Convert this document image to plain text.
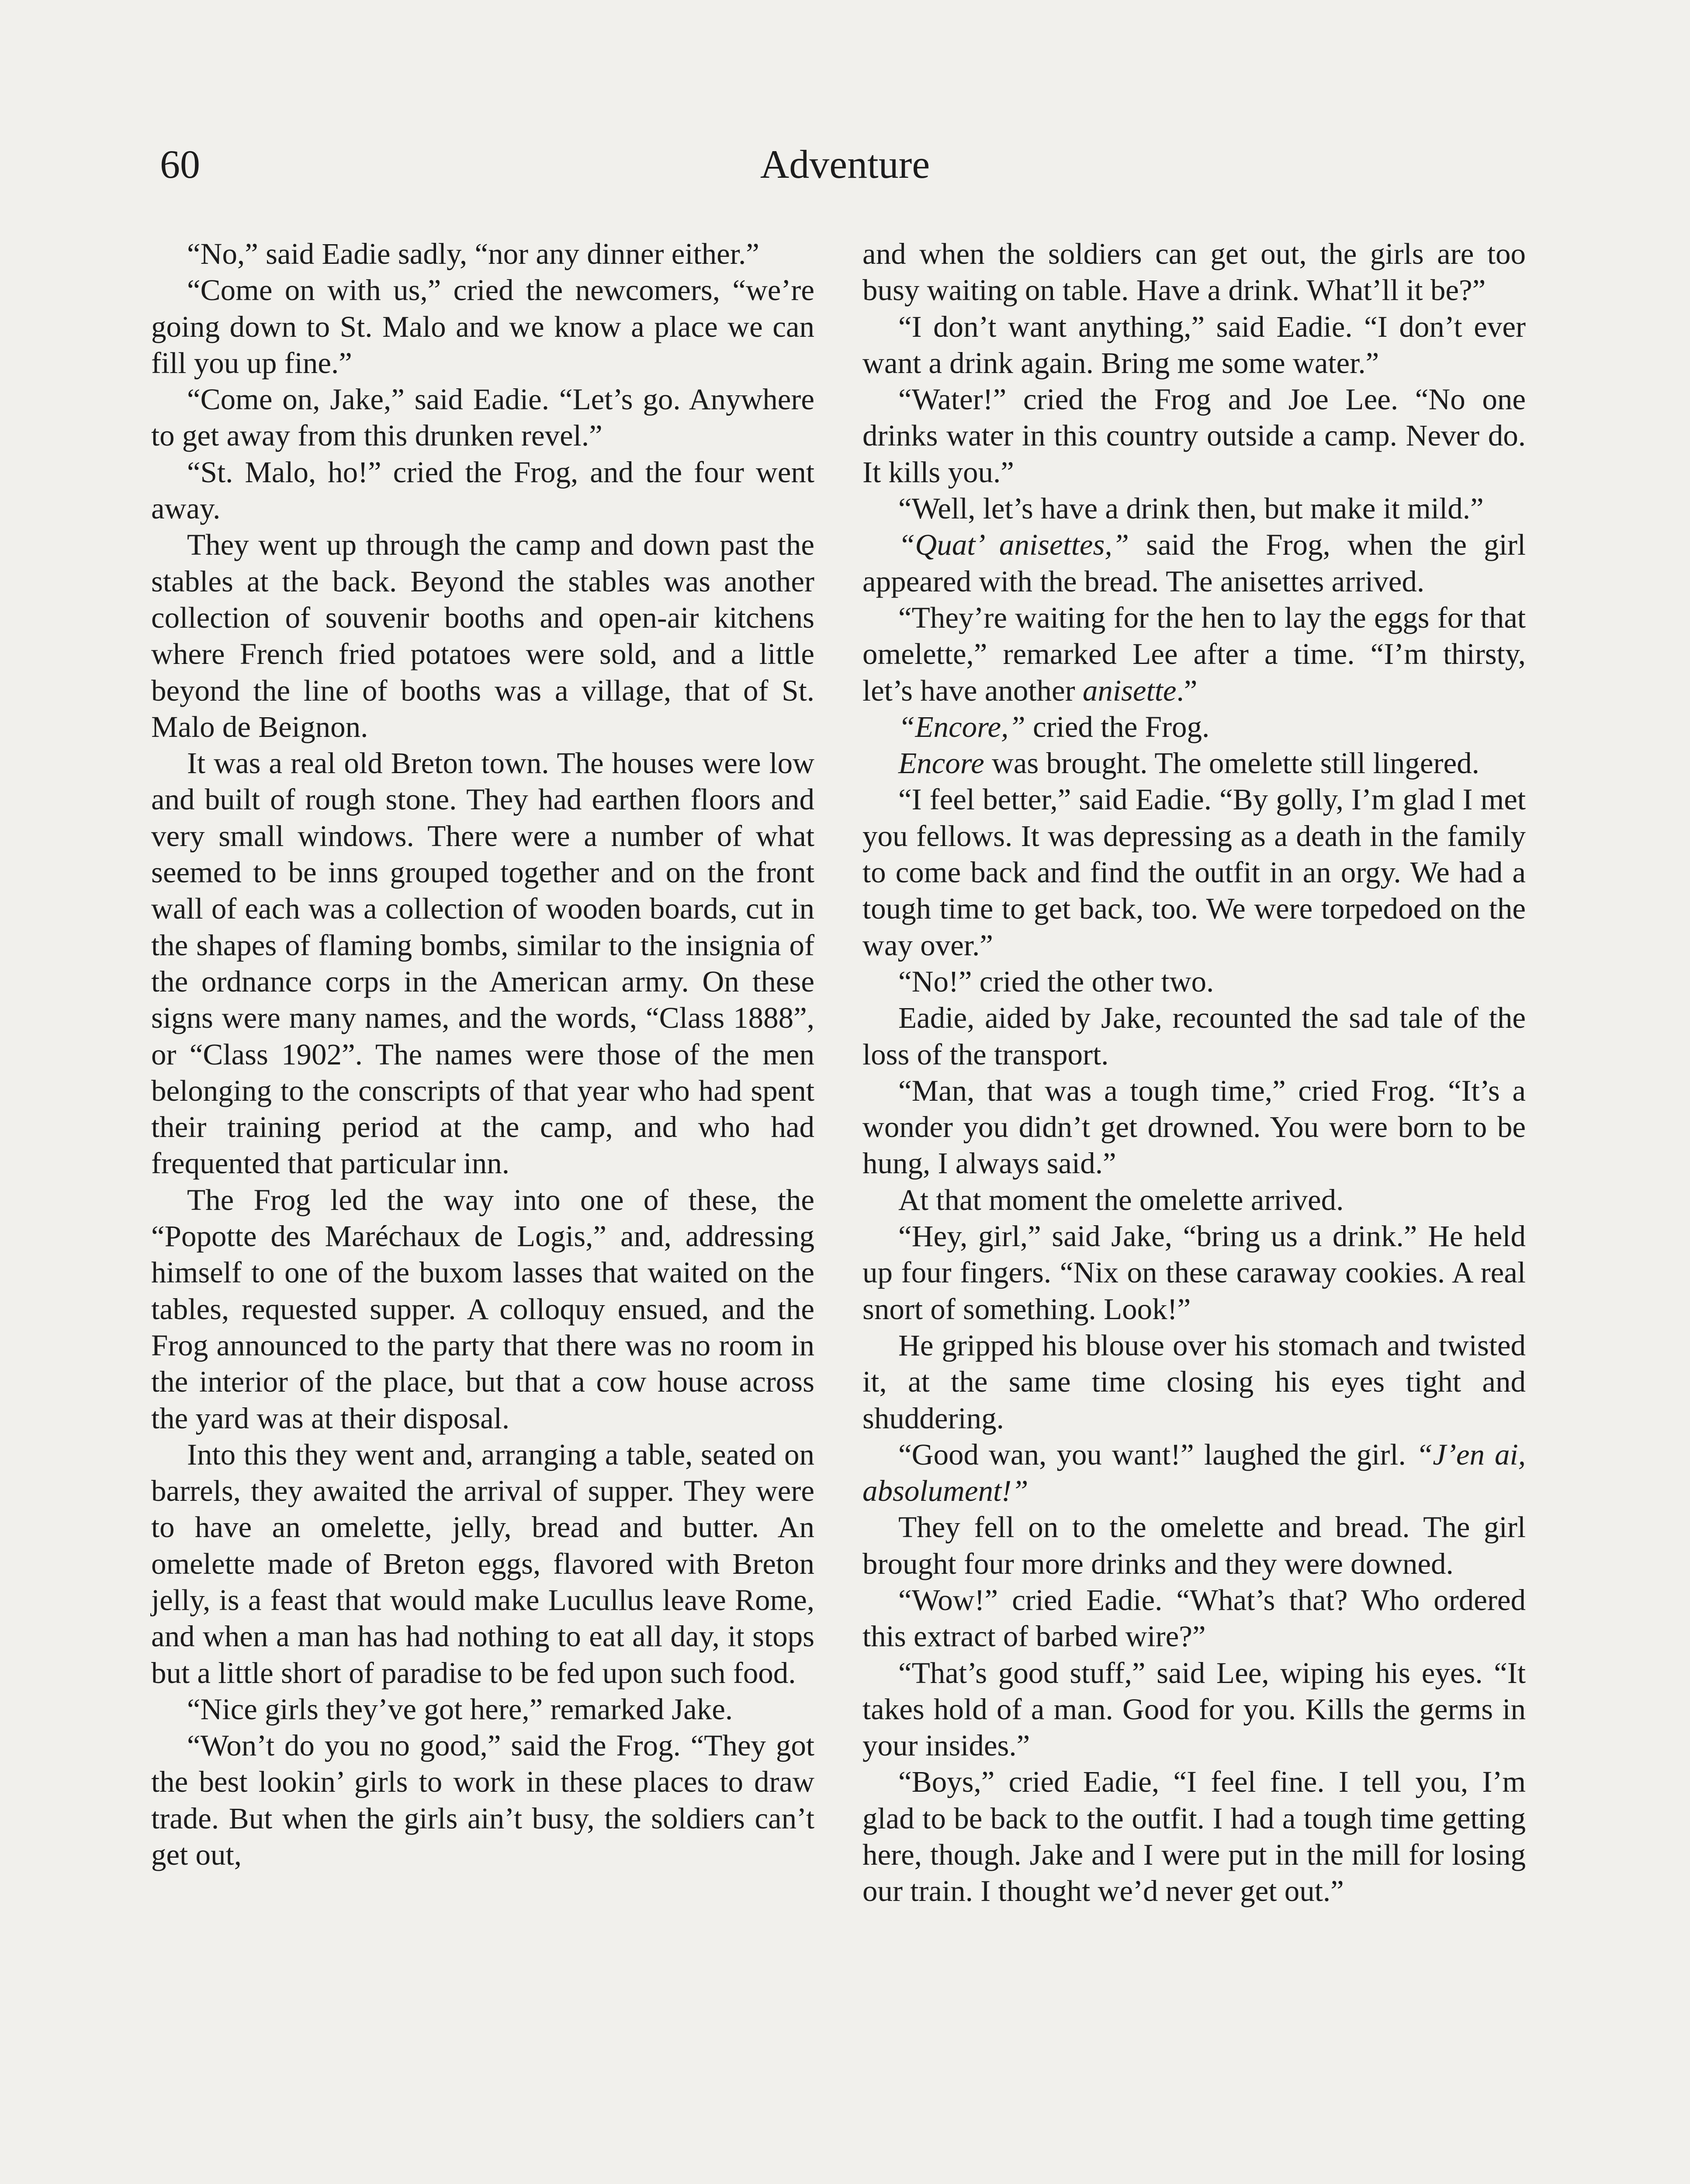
60	Adventure

“No,” said Eadie sadly, “nor any dinner either.”

“Come on with us,” cried the newcomers, “we’re going down to St. Malo and we know a place we can fill you up fine.”

“Come on, Jake,” said Eadie. “Let’s go. Anywhere to get away from this drunken revel.”

“St. Malo, ho!” cried the Frog, and the four went away.

They went up through the camp and down past the stables at the back. Beyond the stables was another collection of souvenir booths and open-air kitchens where French fried potatoes were sold, and a little beyond the line of booths was a village, that of St. Malo de Beignon.

It was a real old Breton town. The houses were low and built of rough stone. They had earthen floors and very small windows. There were a number of what seemed to be inns grouped together and on the front wall of each was a collection of wooden boards, cut in the shapes of flaming bombs, similar to the insignia of the ordnance corps in the American army. On these signs were many names, and the words, “Class 1888”, or “Class 1902”. The names were those of the men belonging to the conscripts of that year who had spent their training period at the camp, and who had frequented that particular inn.

The Frog led the way into one of these, the “Popotte des Maréchaux de Logis,” and, addressing himself to one of the buxom lasses that waited on the tables, requested supper. A colloquy ensued, and the Frog announced to the party that there was no room in the interior of the place, but that a cow house across the yard was at their disposal.

Into this they went and, arranging a table, seated on barrels, they awaited the arrival of supper. They were to have an omelette, jelly, bread and butter. An omelette made of Breton eggs, flavored with Breton jelly, is a feast that would make Lucullus leave Rome, and when a man has had nothing to eat all day, it stops but a little short of paradise to be fed upon such food.

“Nice girls they’ve got here,” remarked Jake.

“Won’t do you no good,” said the Frog. “They got the best lookin’ girls to work in these places to draw trade. But when the girls ain’t busy, the soldiers can’t get out,

and when the soldiers can get out, the girls are too busy waiting on table. Have a drink. What’ll it be?”

“I don’t want anything,” said Eadie. “I don’t ever want a drink again. Bring me some water.”

“Water!” cried the Frog and Joe Lee. “No one drinks water in this country outside a camp. Never do. It kills you.”

“Well, let’s have a drink then, but make it mild.”

“Quat’ anisettes,” said the Frog, when the girl appeared with the bread. The anisettes arrived.

“They’re waiting for the hen to lay the eggs for that omelette,” remarked Lee after a time. “I’m thirsty, let’s have another anisette.”

“Encore,” cried the Frog.

Encore was brought. The omelette still lingered.

“I feel better,” said Eadie. “By golly, I’m glad I met you fellows. It was depressing as a death in the family to come back and find the outfit in an orgy. We had a tough time to get back, too. We were torpedoed on the way over.”

“No!” cried the other two.

Eadie, aided by Jake, recounted the sad tale of the loss of the transport.

“Man, that was a tough time,” cried Frog. “It’s a wonder you didn’t get drowned. You were born to be hung, I always said.”

At that moment the omelette arrived.

“Hey, girl,” said Jake, “bring us a drink.” He held up four fingers. “Nix on these caraway cookies. A real snort of something. Look!”

He gripped his blouse over his stomach and twisted it, at the same time closing his eyes tight and shuddering.

“Good wan, you want!” laughed the girl. “J’en ai, absolument!”

They fell on to the omelette and bread. The girl brought four more drinks and they were downed.

“Wow!” cried Eadie. “What’s that? Who ordered this extract of barbed wire?”

“That’s good stuff,” said Lee, wiping his eyes. “It takes hold of a man. Good for you. Kills the germs in your insides.”

“Boys,” cried Eadie, “I feel fine. I tell you, I’m glad to be back to the outfit. I had a tough time getting here, though. Jake and I were put in the mill for losing our train. I thought we’d never get out.”
